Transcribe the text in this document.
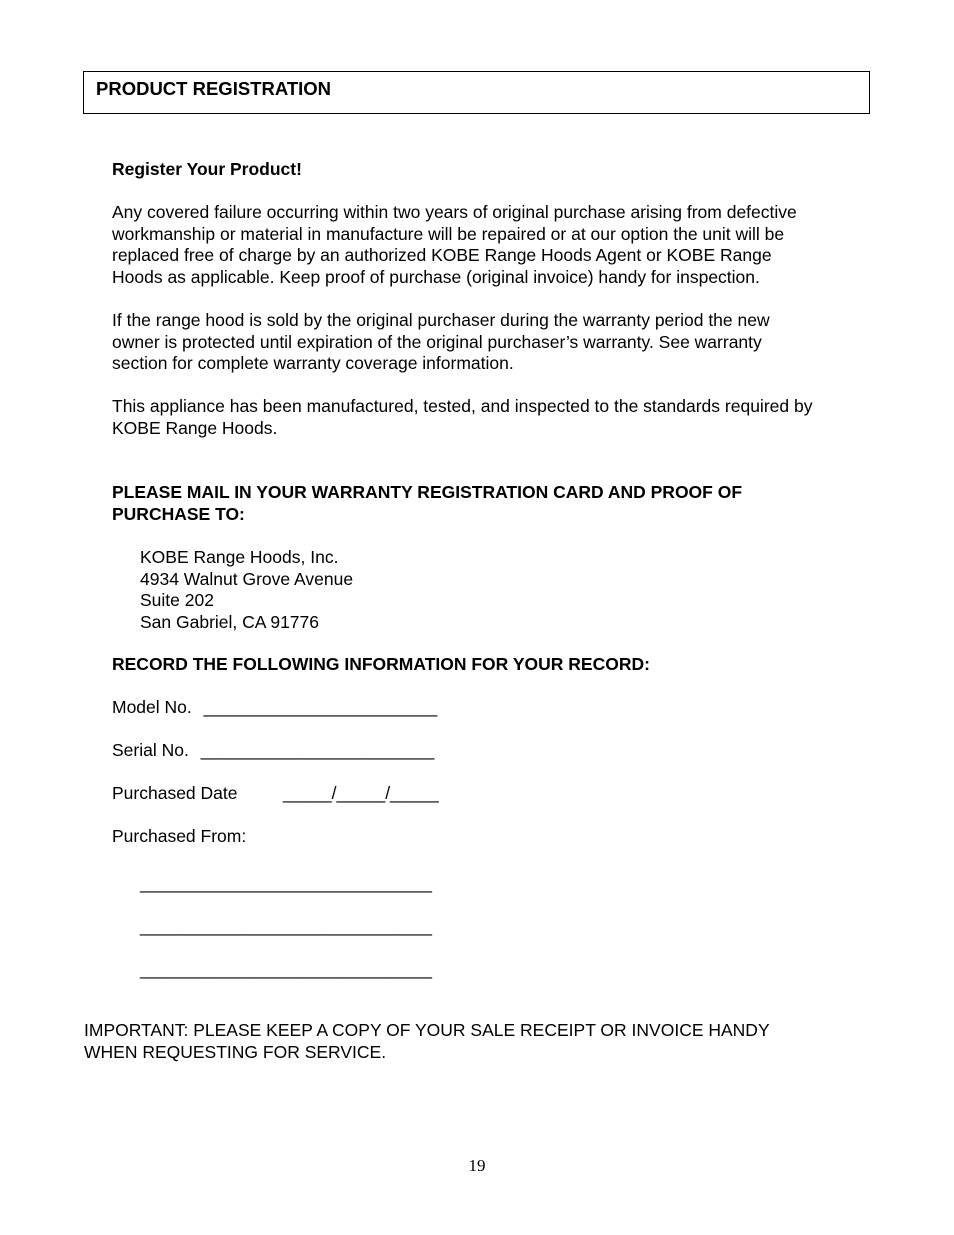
PRODUCT REGISTRATION
Register Your Product!
Any covered failure occurring within two years of original purchase arising from defective
workmanship or material in manufacture will be repaired or at our option the unit will be
replaced free of charge by an authorized KOBE Range Hoods Agent or KOBE Range
Hoods as applicable. Keep proof of purchase (original invoice) handy for inspection.
If the range hood is sold by the original purchaser during the warranty period the new
owner is protected until expiration of the original purchaser’s warranty. See warranty
section for complete warranty coverage information.
This appliance has been manufactured, tested, and inspected to the standards required by
KOBE Range Hoods.
PLEASE MAIL IN YOUR WARRANTY REGISTRATION CARD AND PROOF OF
PURCHASE TO:
KOBE Range Hoods, Inc.
4934 Walnut Grove Avenue
Suite 202
San Gabriel, CA 91776
RECORD THE FOLLOWING INFORMATION FOR YOUR RECORD:
Model No. ________________________
Serial No. ________________________
Purchased Date	_____/_____/_____
Purchased From:
______________________________
______________________________
______________________________
IMPORTANT: PLEASE KEEP A COPY OF YOUR SALE RECEIPT OR INVOICE HANDY
WHEN REQUESTING FOR SERVICE.
19
